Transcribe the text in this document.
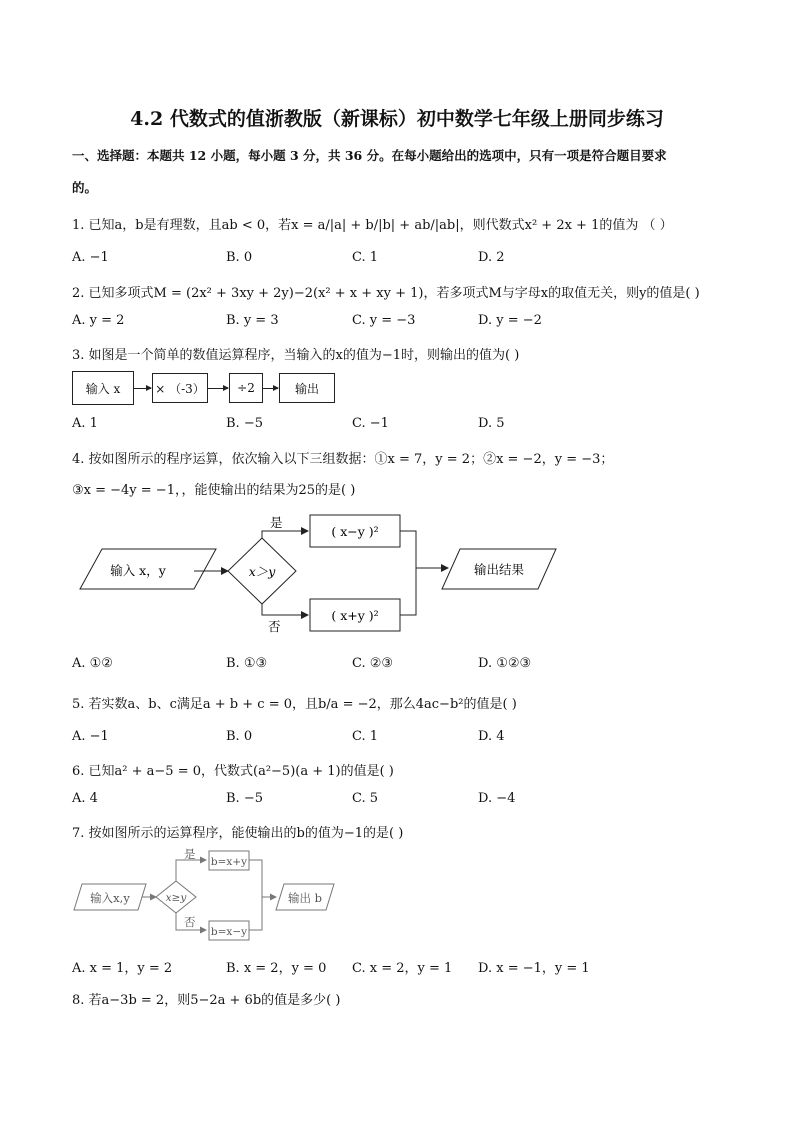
4.2 代数式的值浙教版（新课标）初中数学七年级上册同步练习
一、选择题：本题共 12 小题，每小题 3 分，共 36 分。在每小题给出的选项中，只有一项是符合题目要求
的。
1. 已知a，b是有理数，且ab < 0，若x = a/|a| + b/|b| + ab/|ab|，则代数式x² + 2x + 1的值为 （ ）
A. −1	B. 0	C. 1	D. 2
2. 已知多项式M = (2x² + 3xy + 2y)−2(x² + x + xy + 1)，若多项式M与字母x的取值无关，则y的值是( )
A. y = 2	B. y = 3	C. y = −3	D. y = −2
3. 如图是一个简单的数值运算程序，当输入的x的值为−1时，则输出的值为( )
输入 x	× （-3）	÷2	输出
A. 1	B. −5	C. −1	D. 5
4. 按如图所示的程序运算，依次输入以下三组数据：①x = 7，y = 2；②x = −2，y = −3；
③x = −4y = −1，，能使输出的结果为25的是( )
输入 x，y	x＞y
是
否
( x−y )²
( x+y )²
输出结果
A. ①②	B. ①③	C. ②③	D. ①②③
5. 若实数a、b、c满足a + b + c = 0，且b/a = −2，那么4ac−b²的值是( )
A. −1	B. 0	C. 1	D. 4
6. 已知a² + a−5 = 0，代数式(a²−5)(a + 1)的值是( )
A. 4	B. −5	C. 5	D. −4
7. 按如图所示的运算程序，能使输出的b的值为−1的是( )
输入x,y	x≥y
是
否
b=x+y
b=x−y
输出 b
A. x = 1，y = 2	B. x = 2，y = 0 C. x = 2，y = 1 D. x = −1，y = 1
8. 若a−3b = 2，则5−2a + 6b的值是多少( )
